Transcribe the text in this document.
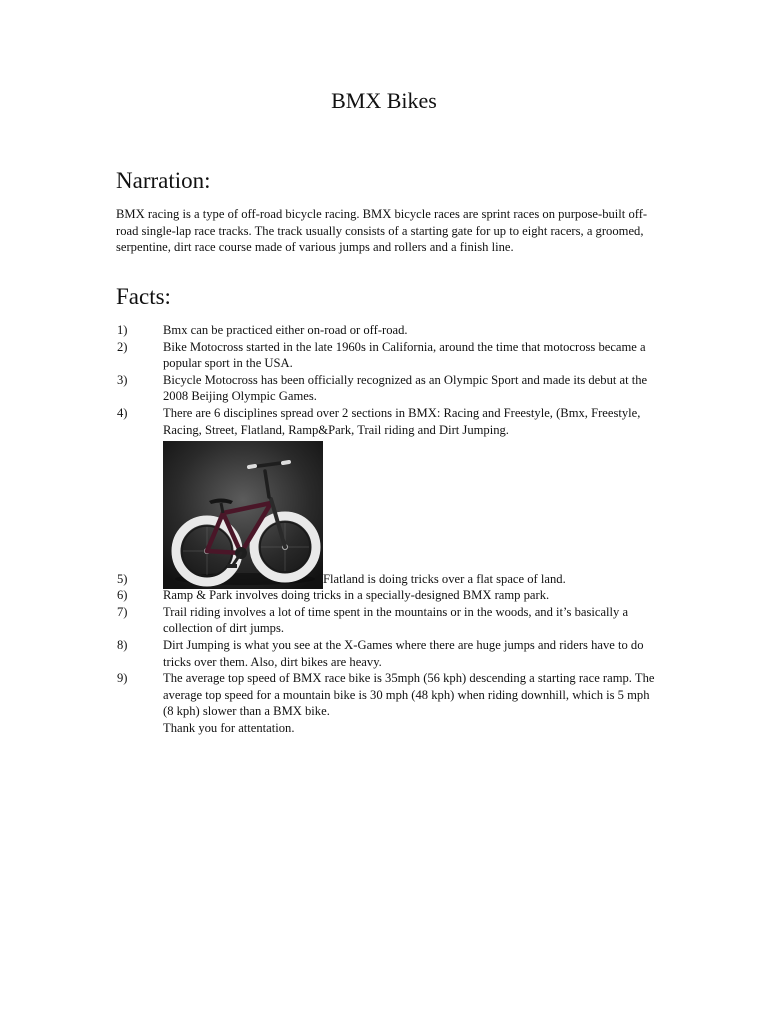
BMX Bikes
Narration:

BMX racing is a type of off-road bicycle racing. BMX bicycle races are sprint races on purpose-built off-road single-lap race tracks. The track usually consists of a starting gate for up to eight racers, a groomed, serpentine, dirt race course made of various jumps and rollers and a finish line.

Facts:
1)	Bmx can be practiced either on-road or off-road.
2)	Bike Motocross started in the late 1960s in California, around the time that motocross became a popular sport in the USA.
3)	Bicycle Motocross has been officially recognized as an Olympic Sport and made its debut at the 2008 Beijing Olympic Games.
4)	There are 6 disciplines spread over 2 sections in BMX: Racing and Freestyle, (Bmx, Freestyle, Racing, Street, Flatland, Ramp&Park, Trail riding and Dirt Jumping.
5)	Flatland is doing tricks over a flat space of land.
6)	Ramp & Park involves doing tricks in a specially-designed BMX ramp park.
7)	Trail riding involves a lot of time spent in the mountains or in the woods, and it’s basically a collection of dirt jumps.
8)	Dirt Jumping is what you see at the X-Games where there are huge jumps and riders have to do tricks over them. Also, dirt bikes are heavy.
9)	The average top speed of BMX race bike is 35mph (56 kph) descending a starting race ramp. The average top speed for a mountain bike is 30 mph (48 kph) when riding downhill, which is 5 mph (8 kph) slower than a BMX bike.
Thank you for attentation.
